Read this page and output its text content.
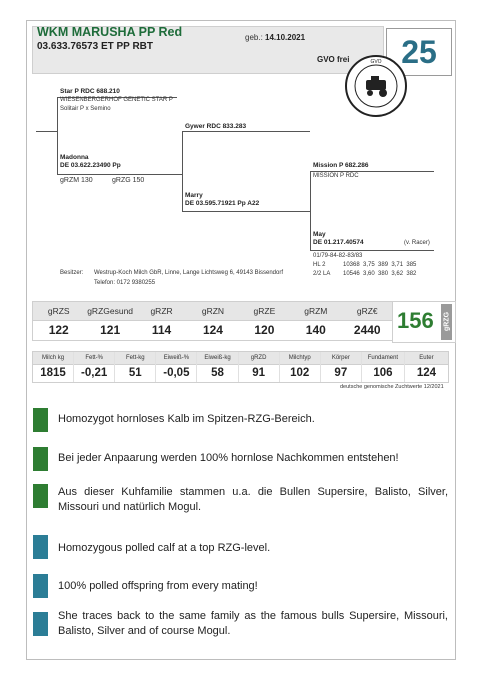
WKM MARUSHA PP Red
03.633.76573 ET PP RBT
geb.: 14.10.2021
GVO frei	25
GVO
Star P RDC 688.210
WIESENBERGERHOF GENETIC STAR P
Solitair P x Semino
Gywer RDC 833.283
Madonna
DE 03.622.23490 Pp
gRZM 130	gRZG 150
Mission P 682.286
MISSION P RDC
Marry
DE 03.595.71921 Pp A22
May
DE 01.217.40574	(v. Racer)
01/79-84-82-83/83
HL 2	10368  3,75  389  3,71  385
2/2 LA 10546  3,60  380  3,62  382
Besitzer: Westrup-Koch Milch GbR, Linne, Lange Lichtsweg 6, 49143 Bissendorf
Telefon: 0172 9380255
gRZS	gRZGesund	gRZR	gRZN	gRZE	gRZM	gRZ€
122	121	114	124	120	140	2440 156 gRZG
Milch kg	Fett-%	Fett-kg	Eiweiß-%	Eiweiß-kg	gRZD	Milchtyp	Körper	Fundament	Euter
1815	-0,21	51	-0,05	58	91	102	97	106	124
deutsche genomische Zuchtwerte 12/2021
Homozygot hornloses Kalb im Spitzen-RZG-Bereich.
Bei jeder Anpaarung werden 100% hornlose Nachkommen entstehen!
Aus dieser Kuhfamilie stammen u.a. die Bullen Supersire, Balisto, Silver, Missouri und natürlich Mogul.
Homozygous polled calf at a top RZG-level.
100% polled offspring from every mating!
She traces back to the same family as the famous bulls Supersire, Missouri, Balisto, Silver and of course Mogul.
